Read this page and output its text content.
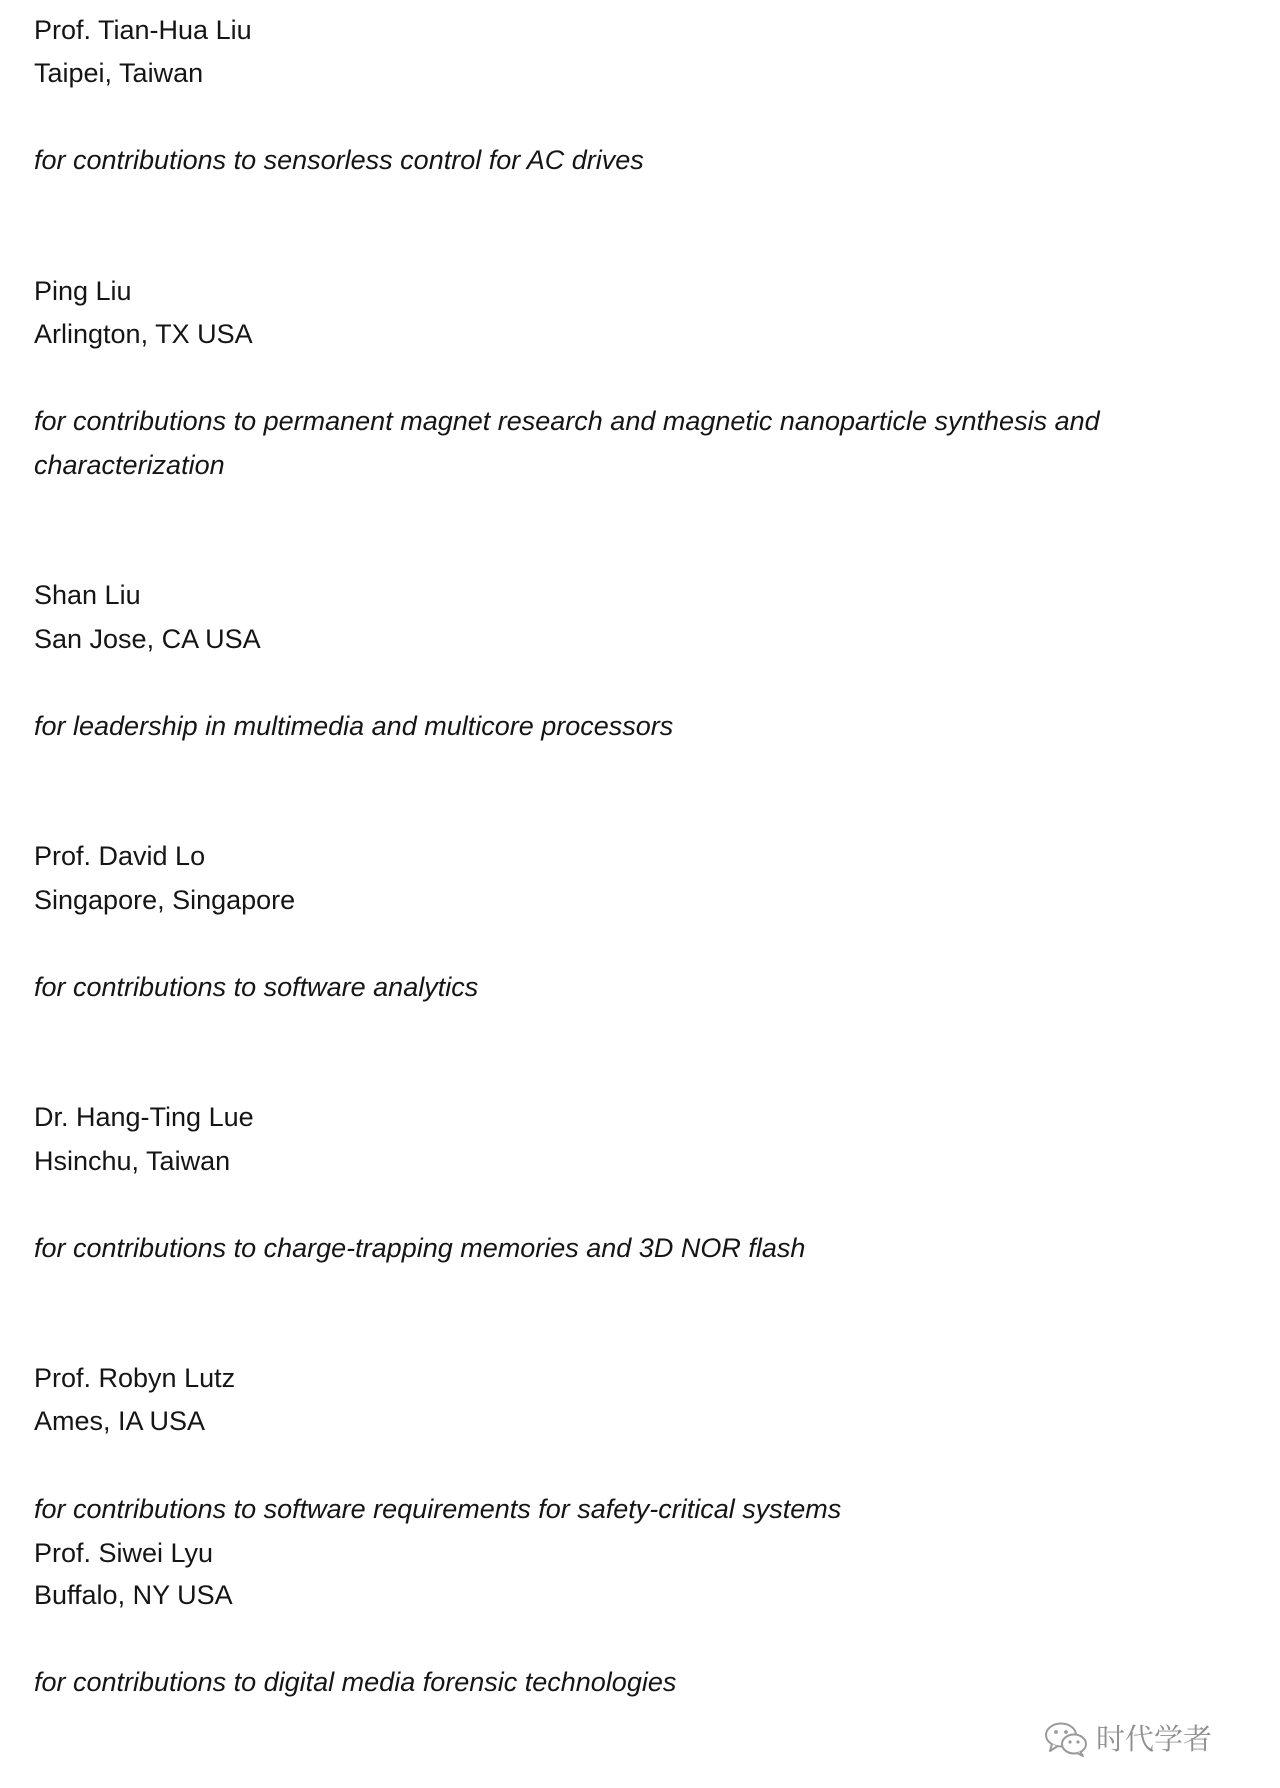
Prof. Tian-Hua Liu
Taipei, Taiwan
for contributions to sensorless control for AC drives
Ping Liu
Arlington, TX USA
for contributions to permanent magnet research and magnetic nanoparticle synthesis and
characterization
Shan Liu
San Jose, CA USA
for leadership in multimedia and multicore processors
Prof. David Lo
Singapore, Singapore
for contributions to software analytics
Dr. Hang-Ting Lue
Hsinchu, Taiwan
for contributions to charge-trapping memories and 3D NOR flash
Prof. Robyn Lutz
Ames, IA USA
for contributions to software requirements for safety-critical systems
Prof. Siwei Lyu
Buffalo, NY USA
for contributions to digital media forensic technologies
时代学者
